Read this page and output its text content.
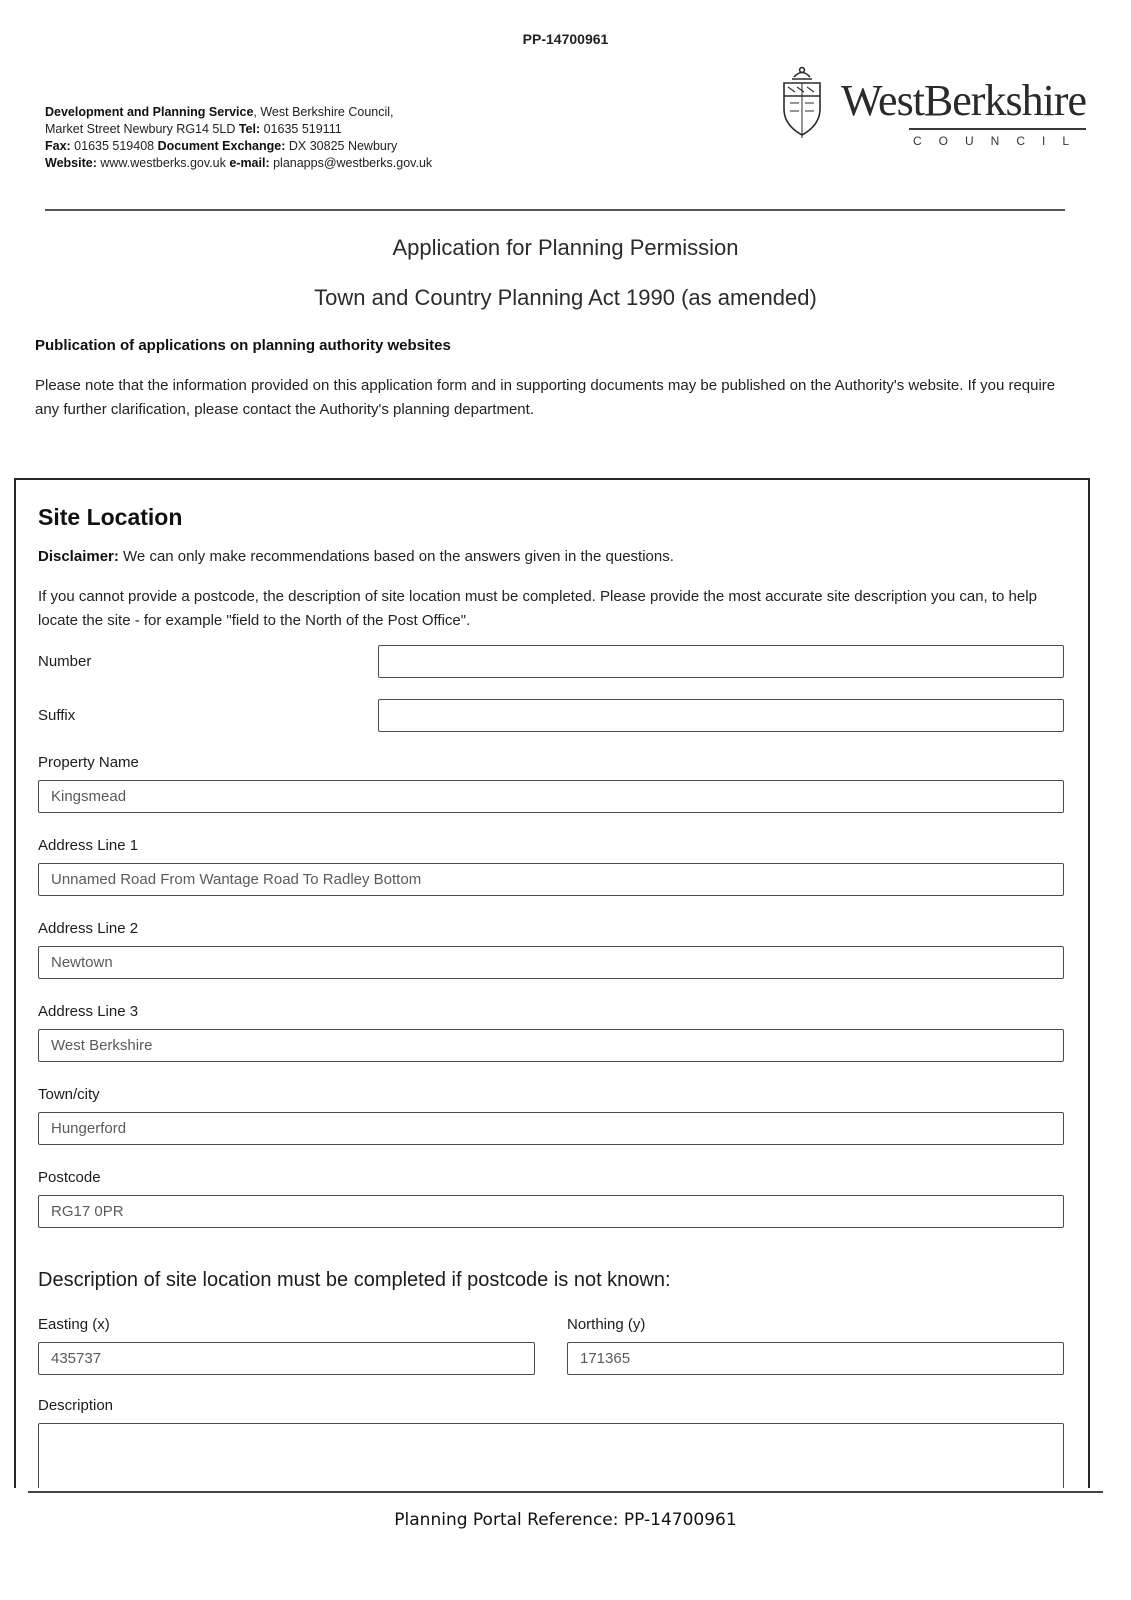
PP-14700961
Development and Planning Service, West Berkshire Council,
Market Street Newbury RG14 5LD Tel: 01635 519111
Fax: 01635 519408 Document Exchange: DX 30825 Newbury
Website: www.westberks.gov.uk e-mail: planapps@westberks.gov.uk
WestBerkshire
COUNCIL
Application for Planning Permission
Town and Country Planning Act 1990 (as amended)
Publication of applications on planning authority websites
Please note that the information provided on this application form and in supporting documents may be published on the Authority's website. If you require any further clarification, please contact the Authority's planning department.
Site Location
Disclaimer: We can only make recommendations based on the answers given in the questions.
If you cannot provide a postcode, the description of site location must be completed. Please provide the most accurate site description you can, to help locate the site - for example "field to the North of the Post Office".
Number
Suffix
Property Name
Kingsmead
Address Line 1
Unnamed Road From Wantage Road To Radley Bottom
Address Line 2
Newtown
Address Line 3
West Berkshire
Town/city
Hungerford
Postcode
RG17 0PR
Description of site location must be completed if postcode is not known:
Easting (x)
435737	Northing (y)
171365
Description
Planning Portal Reference: PP-14700961
